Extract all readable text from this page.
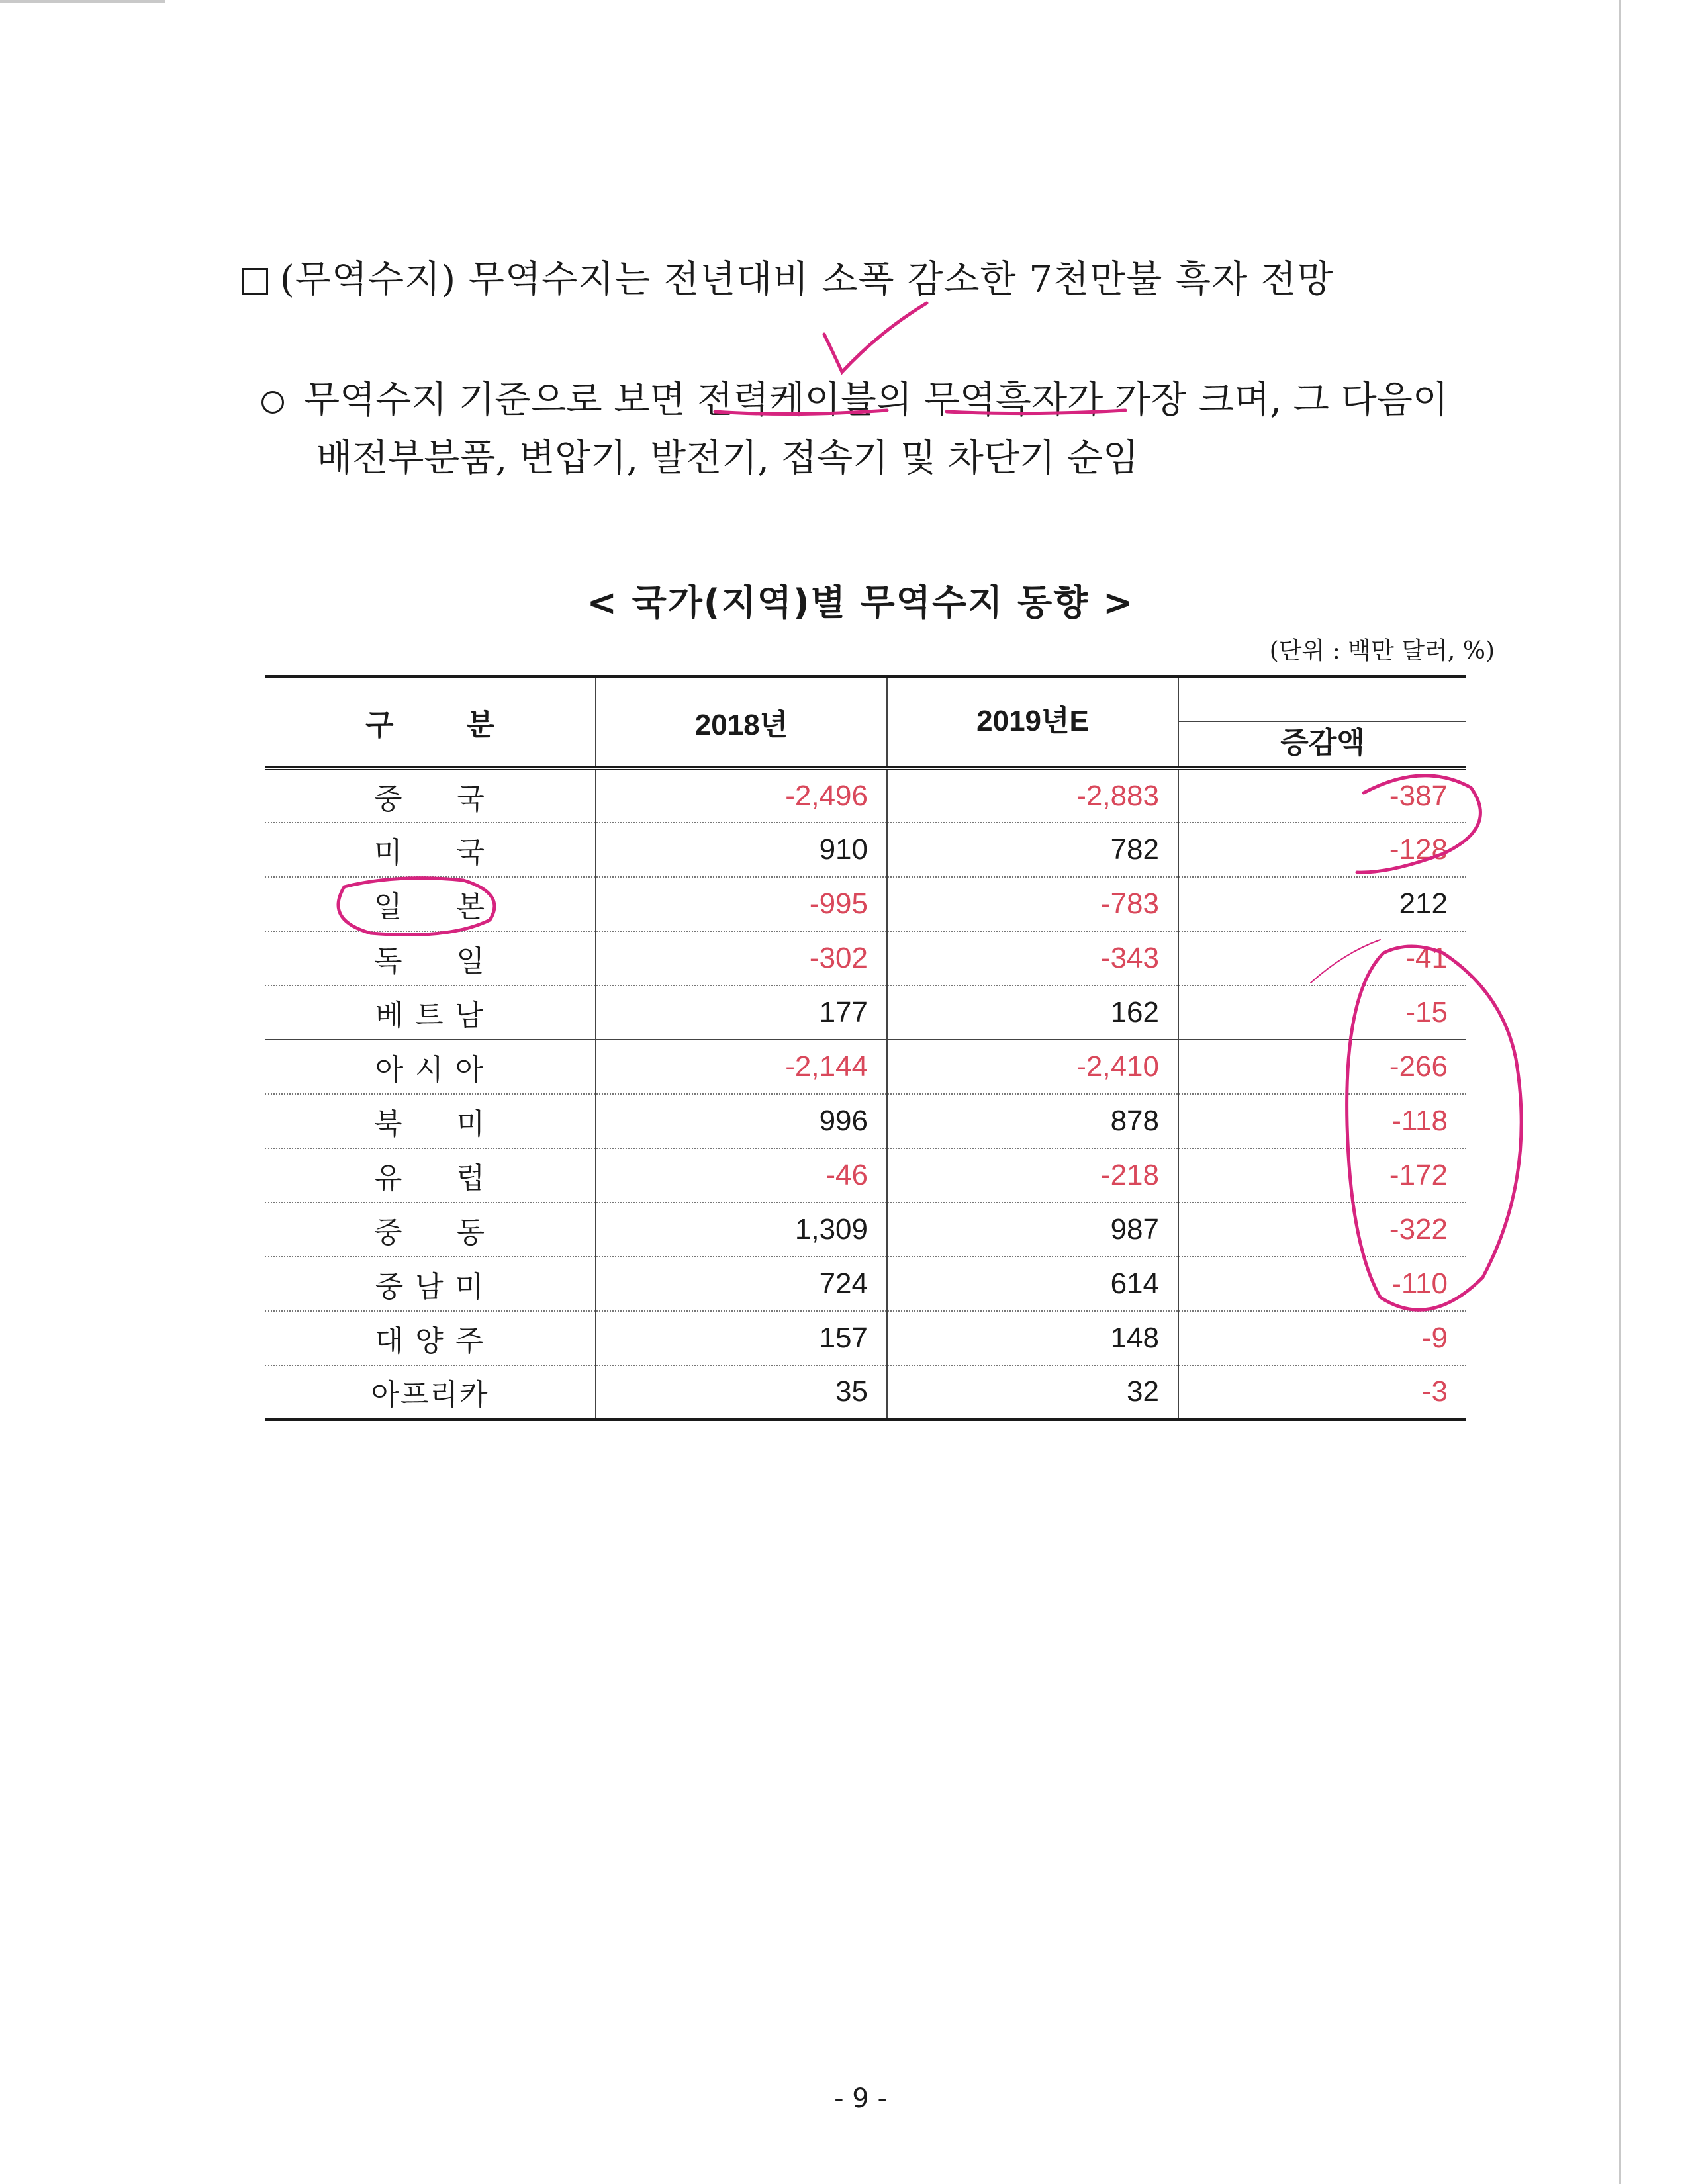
(무역수지) 무역수지는 전년대비 소폭 감소한 7천만불 흑자 전망
무역수지 기준으로 보면 전력케이블의 무역흑자가 가장 크며, 그 다음이
배전부분품, 변압기, 발전기, 접속기 및 차단기 순임
< 국가(지역)별 무역수지 동향 >
(단위 : 백만 달러, %)
구         분	2018년	2019년E	증감액

중     국	-2,496	-2,883	-387
미     국	910	782	-128
일     본	-995	-783	212
독     일	-302	-343	-41
베 트 남	177	162	-15
아 시 아	-2,144	-2,410	-266
북     미	996	878	-118
유     럽	-46	-218	-172
중     동	1,309	987	-322
중 남 미	724	614	-110
대 양 주	157	148	-9
아프리카	35	32	-3
- 9 -
